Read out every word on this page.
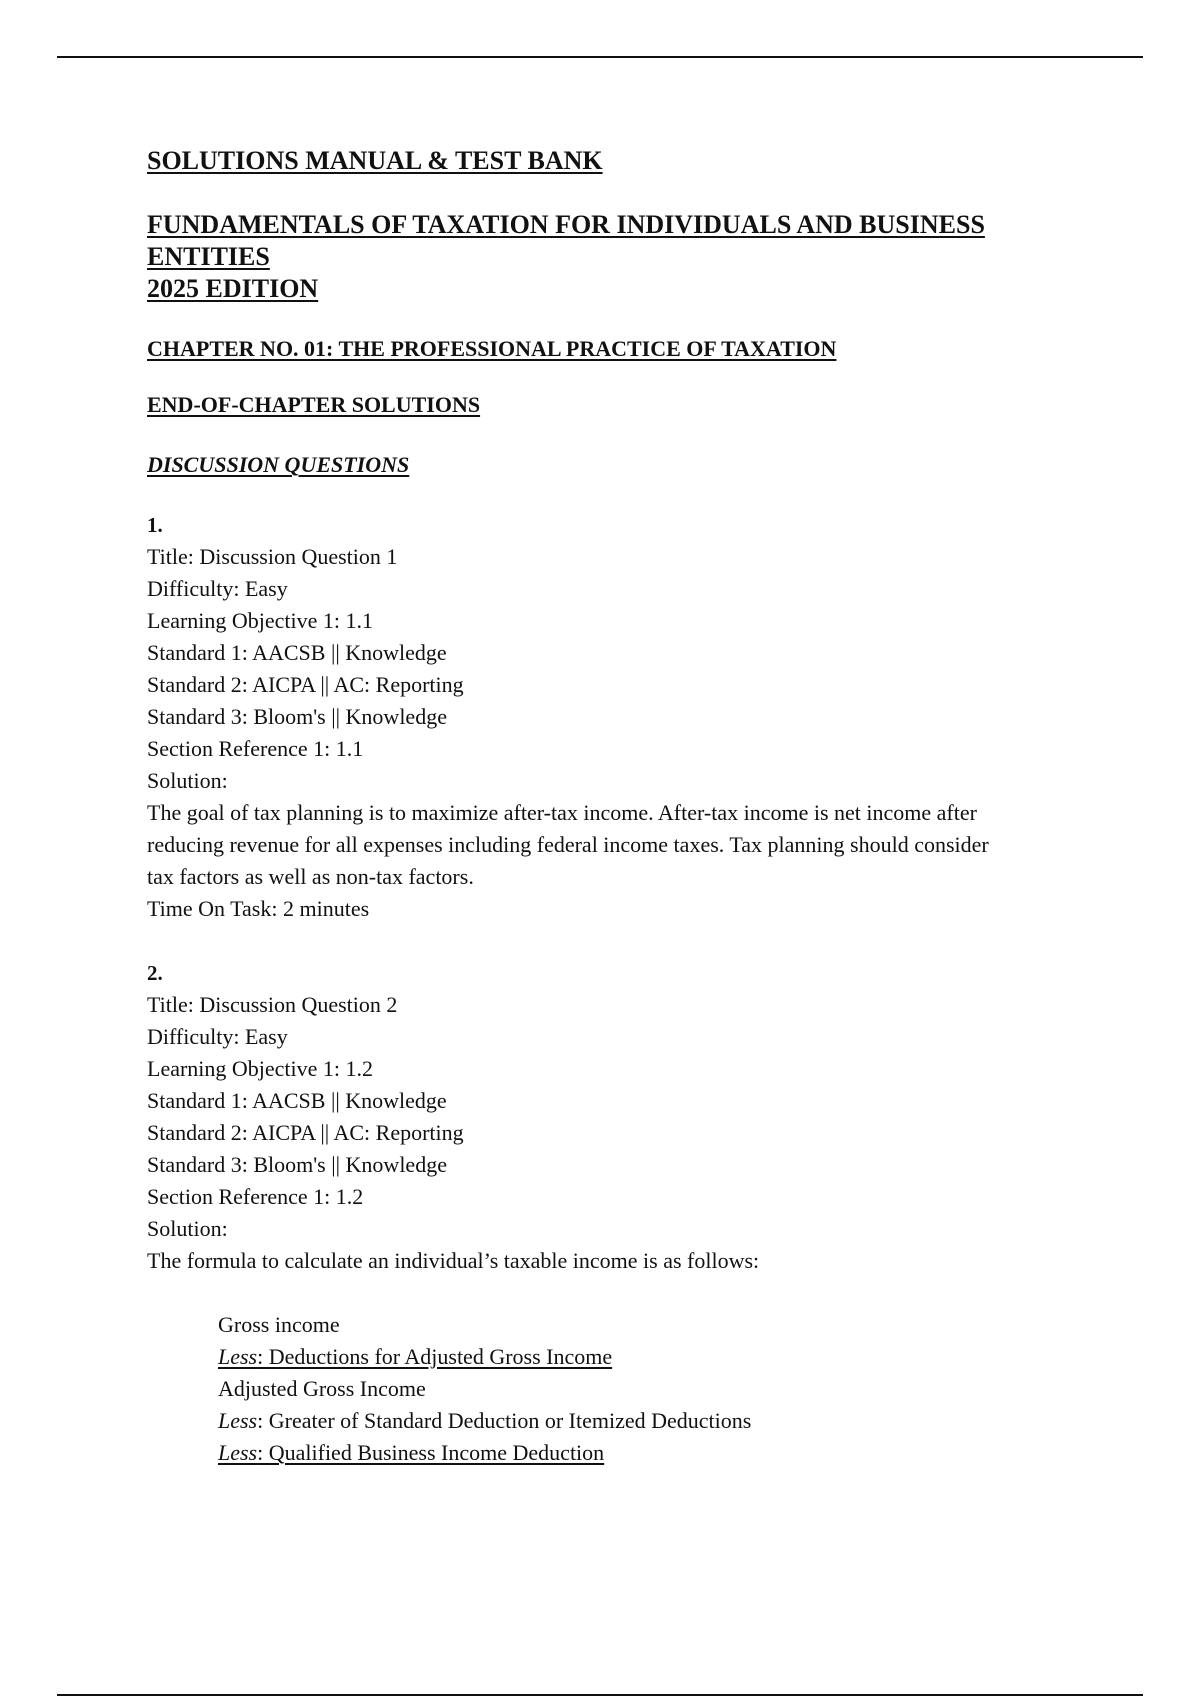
SOLUTIONS MANUAL & TEST BANK

FUNDAMENTALS OF TAXATION FOR INDIVIDUALS AND BUSINESS

ENTITIES

2025 EDITION

CHAPTER NO. 01: THE PROFESSIONAL PRACTICE OF TAXATION

END-OF-CHAPTER SOLUTIONS

DISCUSSION QUESTIONS

1.

Title: Discussion Question 1

Difficulty: Easy

Learning Objective 1: 1.1

Standard 1: AACSB || Knowledge

Standard 2: AICPA || AC: Reporting

Standard 3: Bloom's || Knowledge

Section Reference 1: 1.1

Solution:

The goal of tax planning is to maximize after-tax income. After-tax income is net income after

reducing revenue for all expenses including federal income taxes. Tax planning should consider

tax factors as well as non-tax factors.

Time On Task: 2 minutes

2.

Title: Discussion Question 2

Difficulty: Easy

Learning Objective 1: 1.2

Standard 1: AACSB || Knowledge

Standard 2: AICPA || AC: Reporting

Standard 3: Bloom's || Knowledge

Section Reference 1: 1.2

Solution:

The formula to calculate an individual’s taxable income is as follows:

Gross income

Less: Deductions for Adjusted Gross Income

Adjusted Gross Income

Less: Greater of Standard Deduction or Itemized Deductions

Less: Qualified Business Income Deduction
